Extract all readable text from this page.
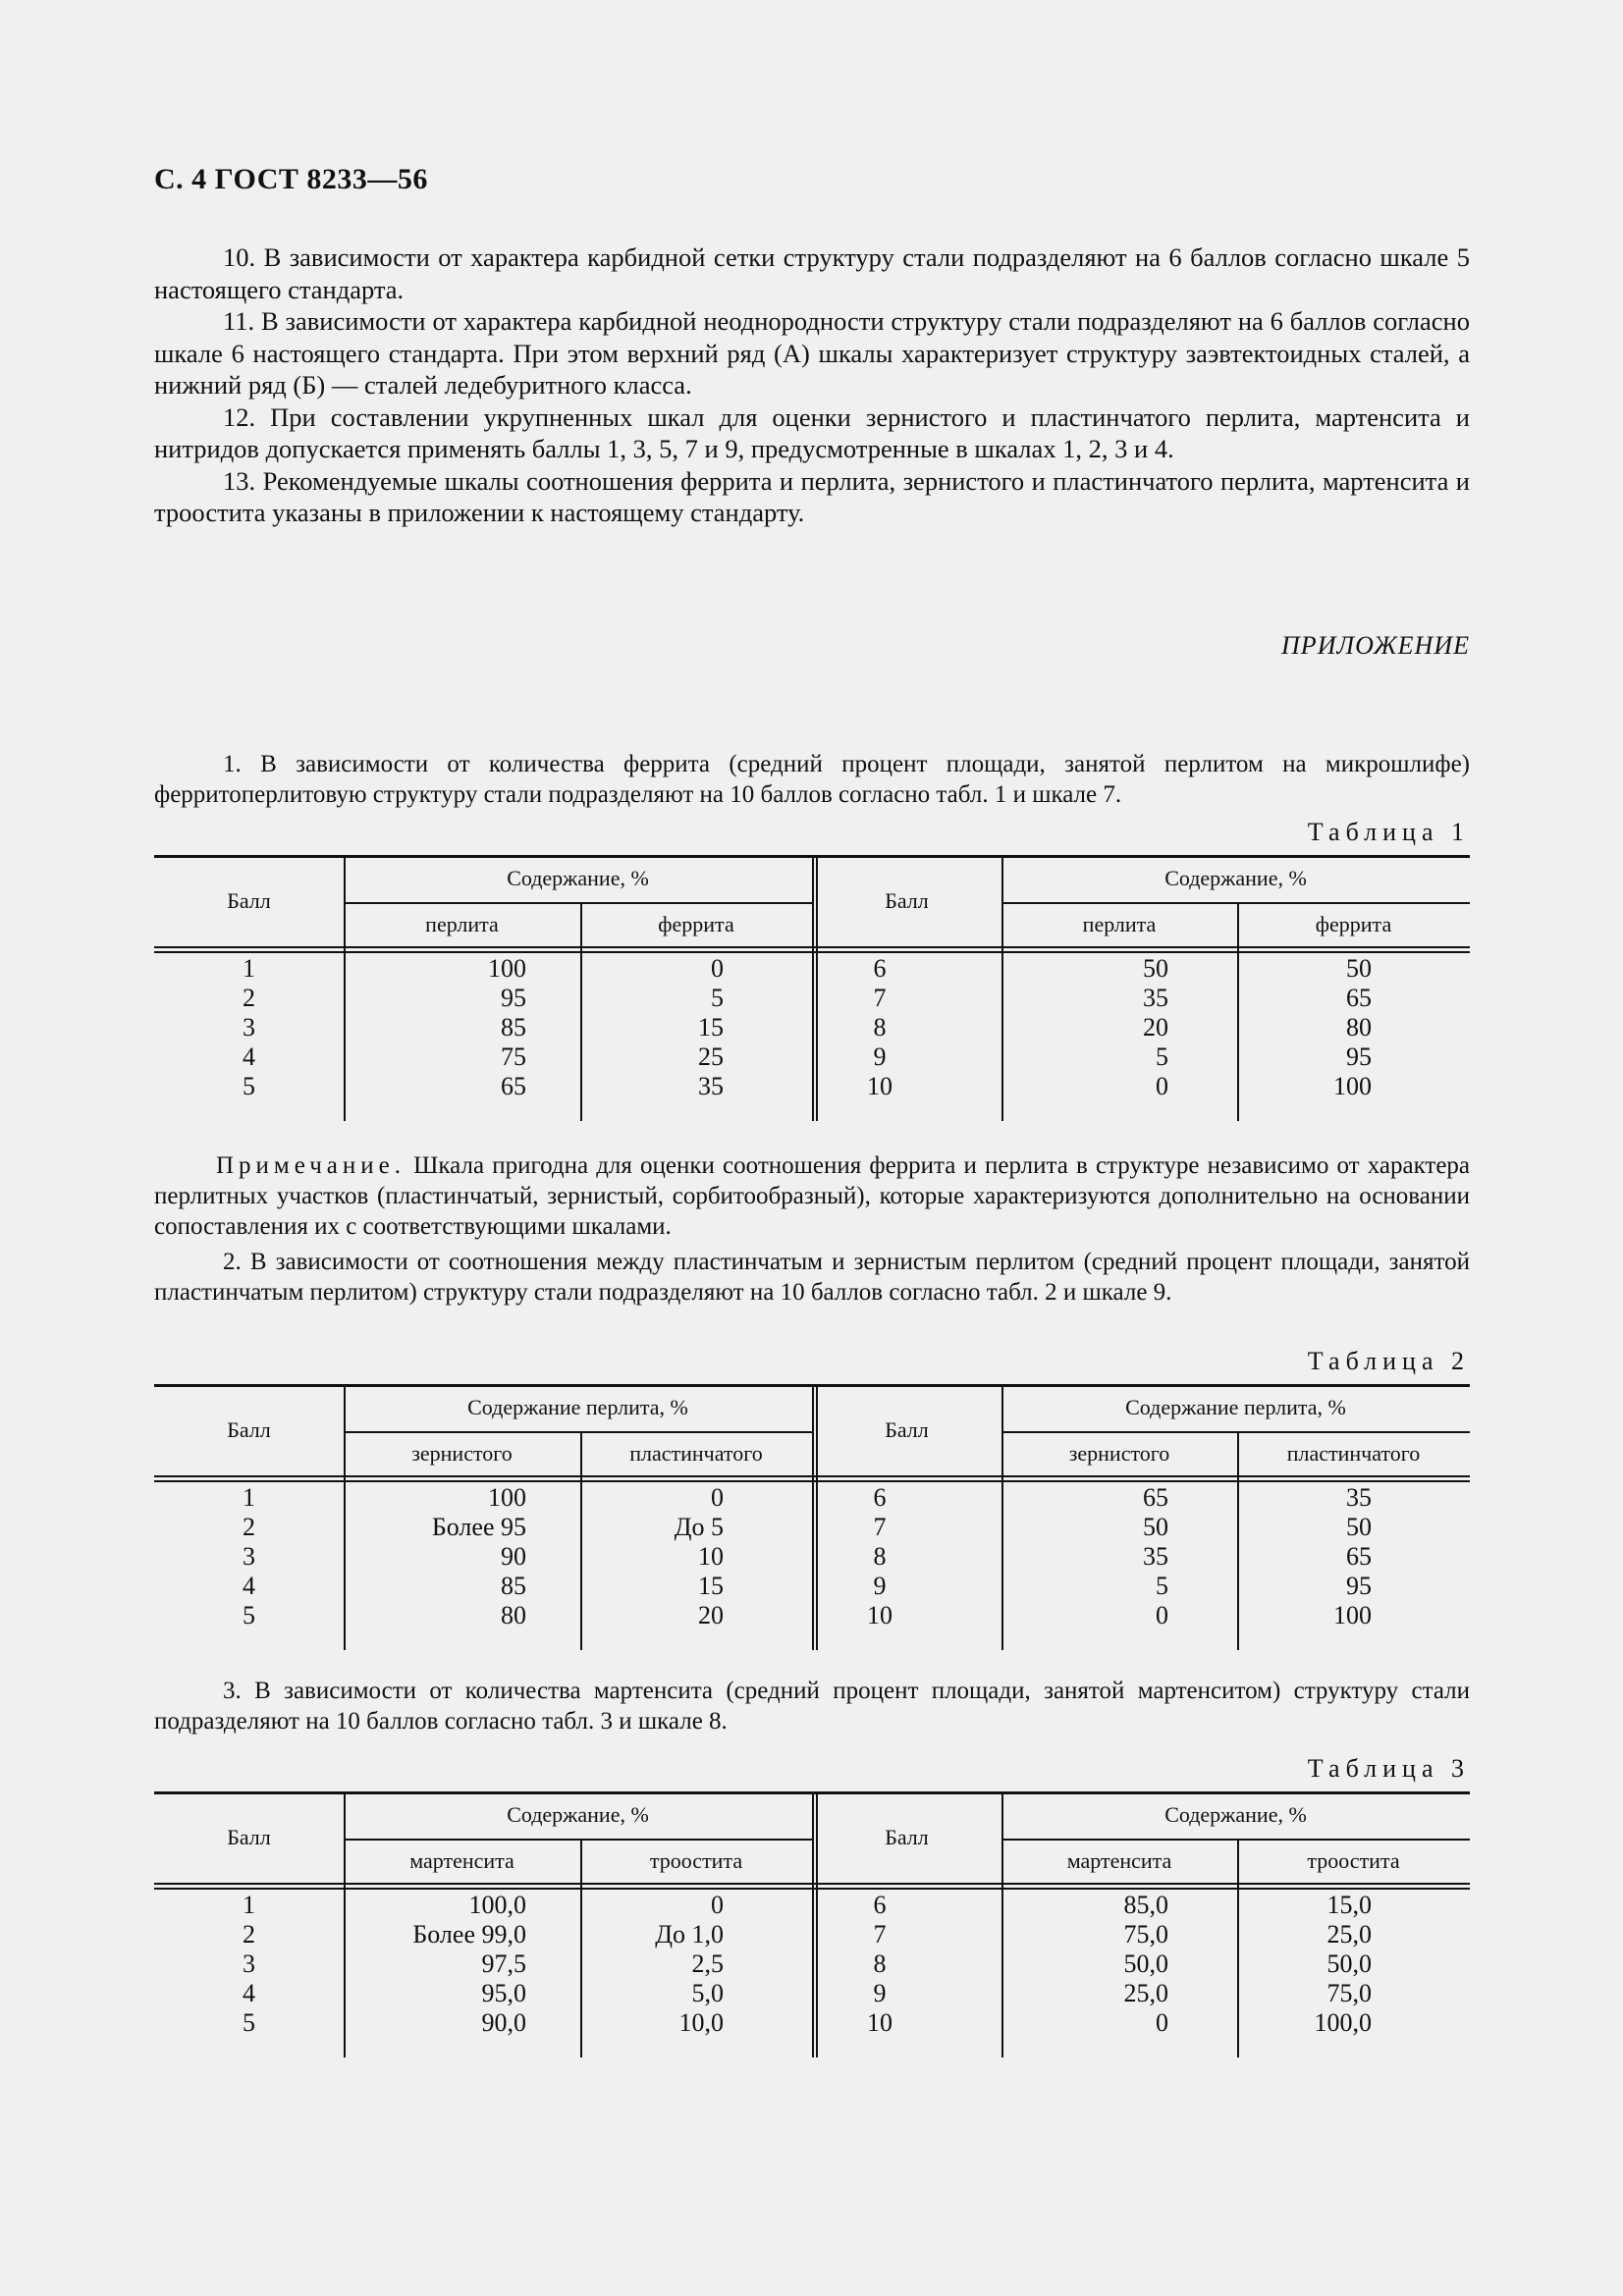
С. 4 ГОСТ 8233—56

10. В зависимости от характера карбидной сетки структуру стали подразделяют на 6 баллов согласно шкале 5 настоящего стандарта.

11. В зависимости от характера карбидной неоднородности структуру стали подразделяют на 6 баллов согласно шкале 6 настоящего стандарта. При этом верхний ряд (А) шкалы характеризует структуру заэвтектоидных сталей, а нижний ряд (Б) — сталей ледебуритного класса.

12. При составлении укрупненных шкал для оценки зернистого и пластинчатого перлита, мартенсита и нитридов допускается применять баллы 1, 3, 5, 7 и 9, предусмотренные в шкалах 1, 2, 3 и 4.

13. Рекомендуемые шкалы соотношения феррита и перлита, зернистого и пластинчатого перлита, мартенсита и троостита указаны в приложении к настоящему стандарту.

ПРИЛОЖЕНИЕ

1. В зависимости от количества феррита (средний процент площади, занятой перлитом на микрошлифе) ферритоперлитовую структуру стали подразделяют на 10 баллов согласно табл. 1 и шкале 7.

Таблица 1
Балл
Содержание, %
перлита	феррита
Балл
Содержание, %
перлита	феррита
1	100	0	6	50	50
2	95	5	7	35	65
3	85	15	8	20	80
4	75	25	9	5	95
5	65	35	10	0	100

Примечание. Шкала пригодна для оценки соотношения феррита и перлита в структуре независимо от характера перлитных участков (пластинчатый, зернистый, сорбитообразный), которые характеризуются дополнительно на основании сопоставления их с соответствующими шкалами.

2. В зависимости от соотношения между пластинчатым и зернистым перлитом (средний процент площади, занятой пластинчатым перлитом) структуру стали подразделяют на 10 баллов согласно табл. 2 и шкале 9.

Таблица 2
Балл
Содержание перлита, %
зернистого	пластинчатого
Балл
Содержание перлита, %
зернистого	пластинчатого
1	100	0	6	65	35
2	Более 95	До 5	7	50	50
3	90	10	8	35	65
4	85	15	9	5	95
5	80	20	10	0	100

3. В зависимости от количества мартенсита (средний процент площади, занятой мартенситом) структуру стали подразделяют на 10 баллов согласно табл. 3 и шкале 8.

Таблица 3
Балл
Содержание, %
мартенсита	троостита
Балл
Содержание, %
мартенсита	троостита
1	100,0	0	6	85,0	15,0
2	Более 99,0	До 1,0	7	75,0	25,0
3	97,5	2,5	8	50,0	50,0
4	95,0	5,0	9	25,0	75,0
5	90,0	10,0	10	0	100,0
